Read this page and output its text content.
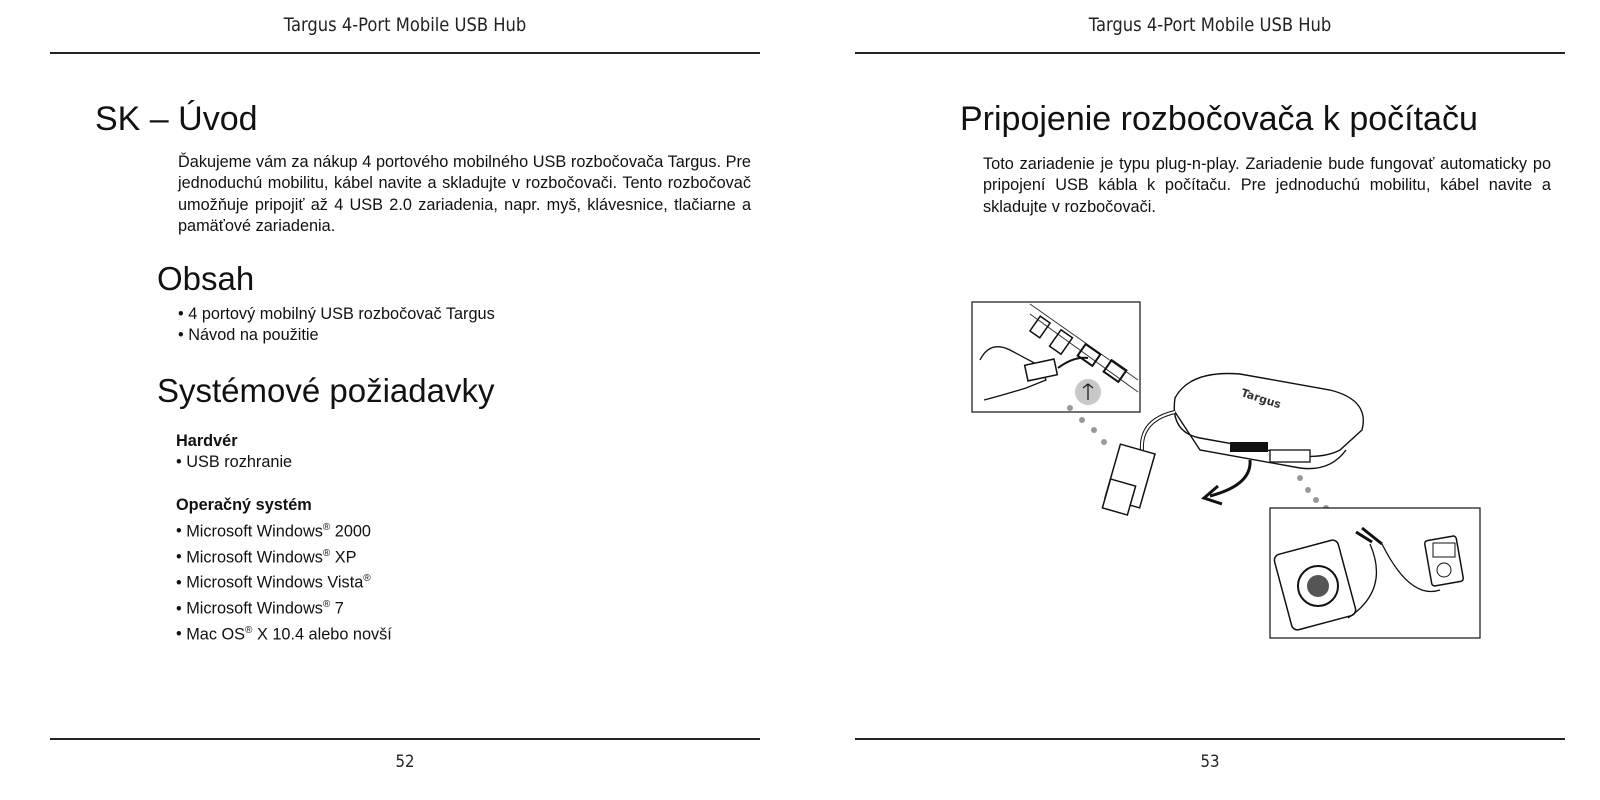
Targus 4-Port Mobile USB Hub
SK – Úvod
Ďakujeme vám za nákup 4 portového mobilného USB rozbočovača Targus. Pre jednoduchú mobilitu, kábel navite a skladujte v rozbočovači. Tento rozbočovač umožňuje pripojiť až 4 USB 2.0 zariadenia, napr. myš, klávesnice, tlačiarne a pamäťové zariadenia.
Obsah
• 4 portový mobilný USB rozbočovač Targus
• Návod na použitie
Systémové požiadavky
Hardvér
• USB rozhranie
Operačný systém
• Microsoft Windows® 2000
• Microsoft Windows® XP
• Microsoft Windows Vista®
• Microsoft Windows® 7
• Mac OS® X 10.4 alebo novší
52
Targus 4-Port Mobile USB Hub
Pripojenie rozbočovača k počítaču
Toto zariadenie je typu plug-n-play. Zariadenie bude fungovať automaticky po pripojení USB kábla k počítaču. Pre jednoduchú mobilitu, kábel navite a skladujte v rozbočovači.
Targus
53
